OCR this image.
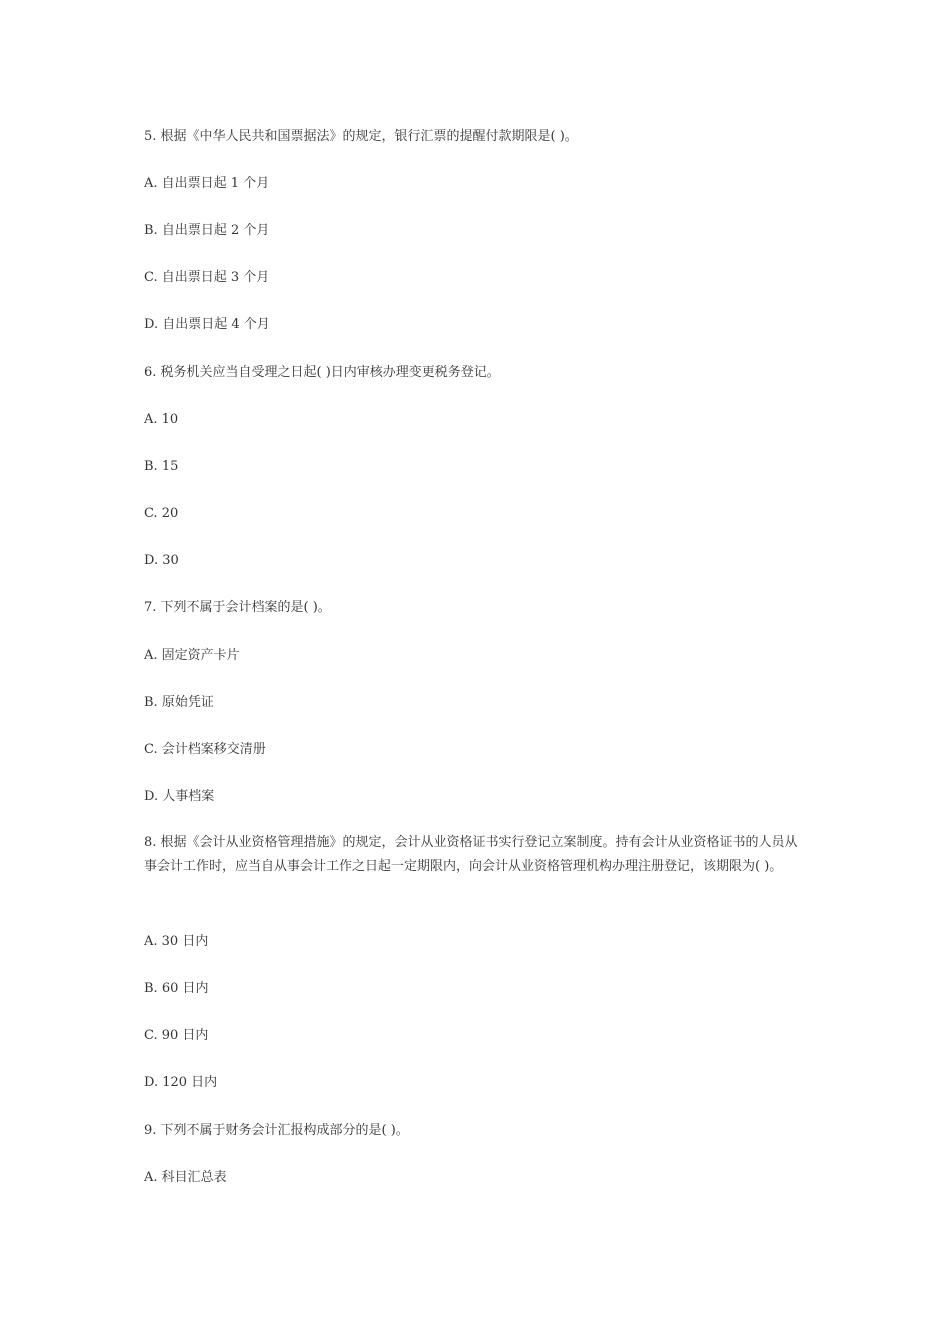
5. 根据《中华人民共和国票据法》的规定，银行汇票的提醒付款期限是( )。
A. 自出票日起 1 个月
B. 自出票日起 2 个月
C. 自出票日起 3 个月
D. 自出票日起 4 个月
6. 税务机关应当自受理之日起( )日内审核办理变更税务登记。
A. 10
B. 15
C. 20
D. 30
7. 下列不属于会计档案的是( )。
A. 固定资产卡片
B. 原始凭证
C. 会计档案移交清册
D. 人事档案
8. 根据《会计从业资格管理措施》的规定，会计从业资格证书实行登记立案制度。持有会计从业资格证书的人员从事会计工作时，应当自从事会计工作之日起一定期限内，向会计从业资格管理机构办理注册登记，该期限为( )。
A. 30 日内
B. 60 日内
C. 90 日内
D. 120 日内
9. 下列不属于财务会计汇报构成部分的是( )。
A. 科目汇总表
